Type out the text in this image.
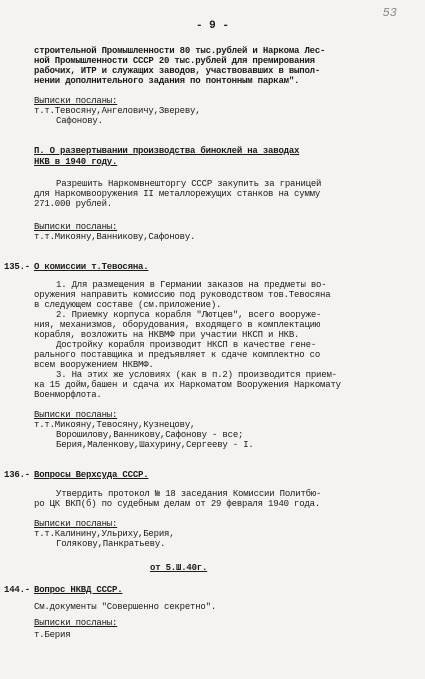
53
- 9 -
строительной Промышленности 80 тыс.рублей и Наркома Лес-
ной Промышленности СССР 20 тыс.рублей для премирования
рабочих, ИТР и служащих заводов, участвовавших в выпол-
нении дополнительного задания по понтонным паркам".
Выписки посланы:
т.т.Тевосяну,Ангеловичу,Звереву,
Сафонову.
П. О развертывании производства биноклей на заводах
НКВ в 1940 году.
Разрешить Наркомвнешторгу СССР закупить за границей
для Наркомвооружения II металлорежущих станков на сумму
271.000 рублей.
Выписки посланы:
т.т.Микояну,Ванникову,Сафонову.
135.- О комиссии т.Тевосяна.
1. Для размещения в Германии заказов на предметы во-
оружения направить комиссию под руководством тов.Тевосяна
в следующем составе (см.приложение).
2. Приемку корпуса корабля "Лютцев", всего вооруже-
ния, механизмов, оборудования, входящего в комплектацию
корабля, возложить на НКВМФ при участии НКСП и НКВ.
Достройку корабля производит НКСП в качестве гене-
рального поставщика и предъявляет к сдаче комплектно со
всем вооружением НКВМФ.
3. На этих же условиях (как в п.2) производится прием-
ка 15 дойм,башен и сдача их Наркоматом Вооружения Наркомату
Военморфлота.
Выписки посланы:
т.т.Микояну,Тевосяну,Кузнецову,
Ворошилову,Ванникову,Сафонову - все;
Берия,Маленкову,Шахурину,Сергееву - I.
136.- Вопросы Верхсуда СССР.
Утвердить протокол № 18 заседания Комиссии Политбю-
ро ЦК ВКП(б) по судебным делам от 29 февраля 1940 года.
Выписки посланы:
т.т.Калинину,Ульриху,Берия,
Голякову,Панкратьеву.
от 5.Ш.40г.
144.- Вопрос НКВД СССР.
См.документы "Совершенно секретно".
Выписки посланы:
т.Берия
